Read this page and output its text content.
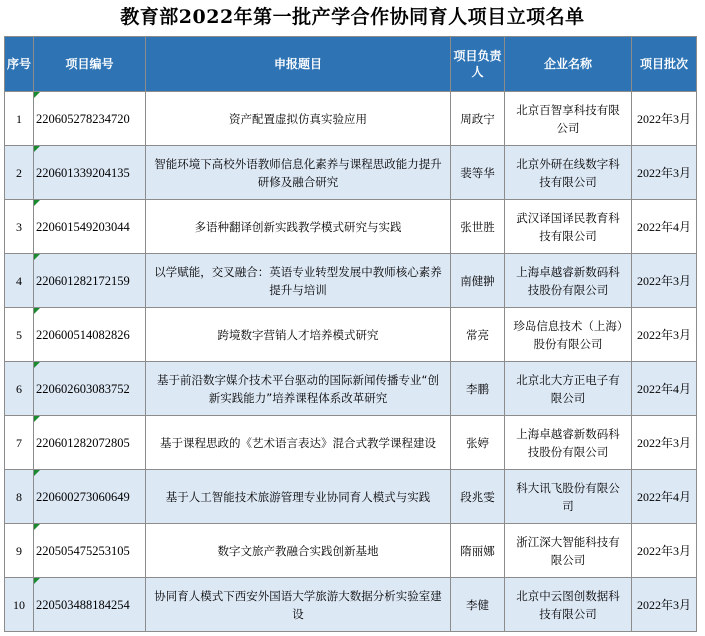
教育部2022年第一批产学合作协同育人项目立项名单
序号	项目编号	申报题目	项目负责人	企业名称	项目批次
1	220605278234720	资产配置虚拟仿真实验应用	周政宁	北京百智享科技有限公司	2022年3月
2	220601339204135	智能环境下高校外语教师信息化素养与课程思政能力提升研修及融合研究	裴等华	北京外研在线数字科技有限公司	2022年3月
3	220601549203044	多语种翻译创新实践教学模式研究与实践	张世胜	武汉译国译民教育科技有限公司	2022年4月
4	220601282172159	以学赋能，交叉融合：英语专业转型发展中教师核心素养提升与培训	南健翀	上海卓越睿新数码科技股份有限公司	2022年3月
5	220600514082826	跨境数字营销人才培养模式研究	常亮	珍岛信息技术（上海）股份有限公司	2022年3月
6	220602603083752	基于前沿数字媒介技术平台驱动的国际新闻传播专业“创新实践能力”培养课程体系改革研究	李鹏	北京北大方正电子有限公司	2022年4月
7	220601282072805	基于课程思政的《艺术语言表达》混合式教学课程建设	张婷	上海卓越睿新数码科技股份有限公司	2022年3月
8	220600273060649	基于人工智能技术旅游管理专业协同育人模式与实践	段兆雯	科大讯飞股份有限公司	2022年4月
9	220505475253105	数字文旅产教融合实践创新基地	隋丽娜	浙江深大智能科技有限公司	2022年3月
10	220503488184254	协同育人模式下西安外国语大学旅游大数据分析实验室建设	李健	北京中云图创数据科技有限公司	2022年3月
